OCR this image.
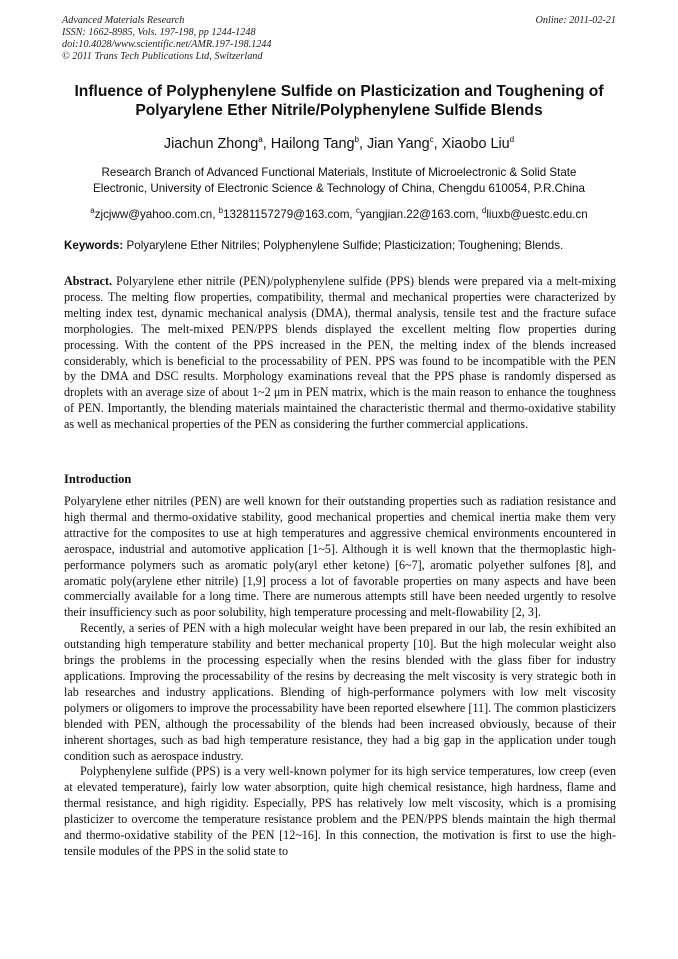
Advanced Materials Research
ISSN: 1662-8985, Vols. 197-198, pp 1244-1248
doi:10.4028/www.scientific.net/AMR.197-198.1244
© 2011 Trans Tech Publications Ltd, Switzerland
Online: 2011-02-21
Influence of Polyphenylene Sulfide on Plasticization and Toughening of
Polyarylene Ether Nitrile/Polyphenylene Sulfide Blends
Jiachun Zhong$^a$, Hailong Tang$^b$, Jian Yang$^c$, Xiaobo Liu$^d$
Research Branch of Advanced Functional Materials, Institute of Microelectronic & Solid State
Electronic, University of Electronic Science & Technology of China, Chengdu 610054, P.R.China
$^a$zjcjww@yahoo.com.cn, $^b$13281157279@163.com, $^c$yangjian.22@163.com, $^d$liuxb@uestc.edu.cn
Keywords: Polyarylene Ether Nitriles; Polyphenylene Sulfide; Plasticization; Toughening; Blends.

Abstract. Polyarylene ether nitrile (PEN)/polyphenylene sulfide (PPS) blends were prepared via a melt-mixing process. The melting flow properties, compatibility, thermal and mechanical properties were characterized by melting index test, dynamic mechanical analysis (DMA), thermal analysis, tensile test and the fracture suface morphologies. The melt-mixed PEN/PPS blends displayed the excellent melting flow properties during processing. With the content of the PPS increased in the PEN, the melting index of the blends increased considerably, which is beneficial to the processability of PEN. PPS was found to be incompatible with the PEN by the DMA and DSC results. Morphology examinations reveal that the PPS phase is randomly dispersed as droplets with an average size of about 1~2 μm in PEN matrix, which is the main reason to enhance the toughness of PEN. Importantly, the blending materials maintained the characteristic thermal and thermo-oxidative stability as well as mechanical properties of the PEN as considering the further commercial applications.

Introduction

Polyarylene ether nitriles (PEN) are well known for their outstanding properties such as radiation resistance and high thermal and thermo-oxidative stability, good mechanical properties and chemical inertia make them very attractive for the composites to use at high temperatures and aggressive chemical environments encountered in aerospace, industrial and automotive application [1~5]. Although it is well known that the thermoplastic high-performance polymers such as aromatic poly(aryl ether ketone) [6~7], aromatic polyether sulfones [8], and aromatic poly(arylene ether nitrile) [1,9] process a lot of favorable properties on many aspects and have been commercially available for a long time. There are numerous attempts still have been needed urgently to resolve their insufficiency such as poor solubility, high temperature processing and melt-flowability [2, 3].

Recently, a series of PEN with a high molecular weight have been prepared in our lab, the resin exhibited an outstanding high temperature stability and better mechanical property [10]. But the high molecular weight also brings the problems in the processing especially when the resins blended with the glass fiber for industry applications. Improving the processability of the resins by decreasing the melt viscosity is very strategic both in lab researches and industry applications. Blending of high-performance polymers with low melt viscosity polymers or oligomers to improve the processability have been reported elsewhere [11]. The common plasticizers blended with PEN, although the processability of the blends had been increased obviously, because of their inherent shortages, such as bad high temperature resistance, they had a big gap in the application under tough condition such as aerospace industry.

Polyphenylene sulfide (PPS) is a very well-known polymer for its high service temperatures, low creep (even at elevated temperature), fairly low water absorption, quite high chemical resistance, high hardness, flame and thermal resistance, and high rigidity. Especially, PPS has relatively low melt viscosity, which is a promising plasticizer to overcome the temperature resistance problem and the PEN/PPS blends maintain the high thermal and thermo-oxidative stability of the PEN [12~16]. In this connection, the motivation is first to use the high-tensile modules of the PPS in the solid state to
